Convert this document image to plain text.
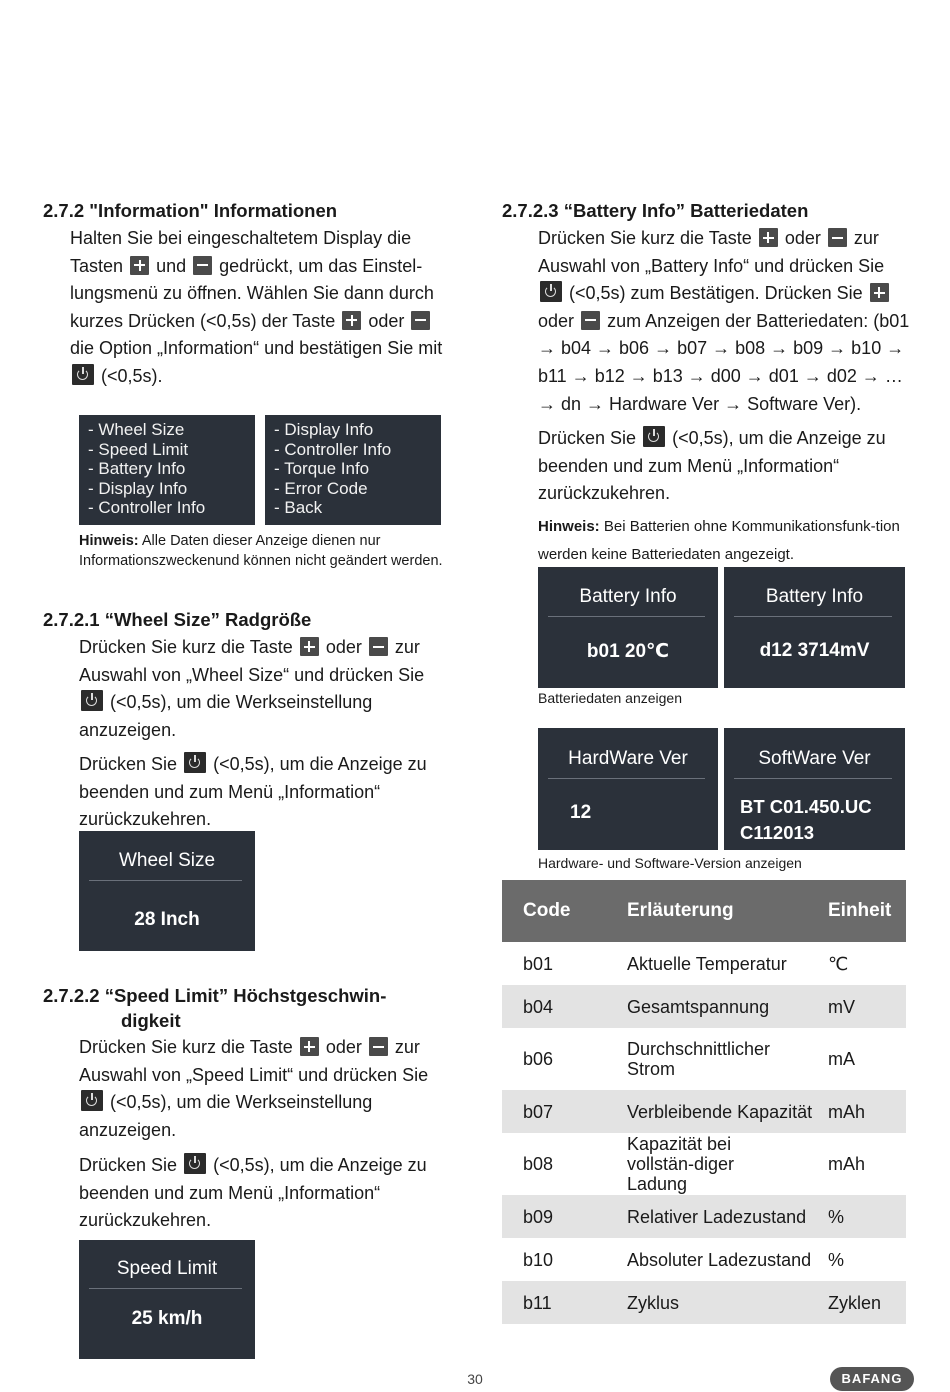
2.7.2 "Information" Informationen

Halten Sie bei eingeschaltetem Display die Tasten und gedrückt, um das Einstel-lungsmenü zu öffnen. Wählen Sie dann durch kurzes Drücken (<0,5s) der Taste oder  die Option „Information“ und bestätigen Sie mit  (<0,5s).

- Wheel Size
- Speed Limit
- Battery Info
- Display Info
- Controller Info
- Display Info
- Controller Info
- Torque Info
- Error Code
- Back
Hinweis: Alle Daten dieser Anzeige dienen nur Informationszweckenund können nicht geändert werden.
2.7.2.1 “Wheel Size” Radgröße

Drücken Sie kurz die Taste oder zur Auswahl von „Wheel Size“ und drücken Sie  (<0,5s), um die Werkseinstellung anzuzeigen.

Drücken Sie (<0,5s), um die Anzeige zu beenden und zum Menü „Information“ zurückzukehren.

Wheel Size
28 Inch
2.7.2.2 “Speed Limit” Höchstgeschwin-
digkeit

Drücken Sie kurz die Taste oder zur Auswahl von „Speed Limit“ und drücken Sie  (<0,5s), um die Werkseinstellung anzuzeigen.

Drücken Sie (<0,5s), um die Anzeige zu beenden und zum Menü „Information“ zurückzukehren.

Speed Limit
25 km/h
2.7.2.3 “Battery Info” Batteriedaten

Drücken Sie kurz die Taste oder zur Auswahl von „Battery Info“ und drücken Sie  (<0,5s) zum Bestätigen. Drücken Sie  oder zum Anzeigen der Batteriedaten: (b01 → b04 → b06 → b07 → b08 → b09 → b10 → b11 → b12 → b13 → d00 → d01 → d02 → … → dn → Hardware Ver → Software Ver).

Drücken Sie (<0,5s), um die Anzeige zu beenden und zum Menü „Information“ zurückzukehren.

Hinweis: Bei Batterien ohne Kommunikationsfunk-tion werden keine Batteriedaten angezeigt.
Battery Info
b01 20℃
Battery Info
d12 3714mV
Batteriedaten anzeigen
HardWare Ver
12
SoftWare Ver
BT C01.450.UC C112013
Hardware- und Software-Version anzeigen
Code	Erläuterung	Einheit
b01	Aktuelle Temperatur	℃
b04	Gesamtspannung	mV
b06	Durchschnittlicher Strom	mA
b07	Verbleibende Kapazität	mAh
b08	Kapazität bei vollstän-diger Ladung	mAh
b09	Relativer Ladezustand	%
b10	Absoluter Ladezustand	%
b11	Zyklus	Zyklen
30	BAFANG
